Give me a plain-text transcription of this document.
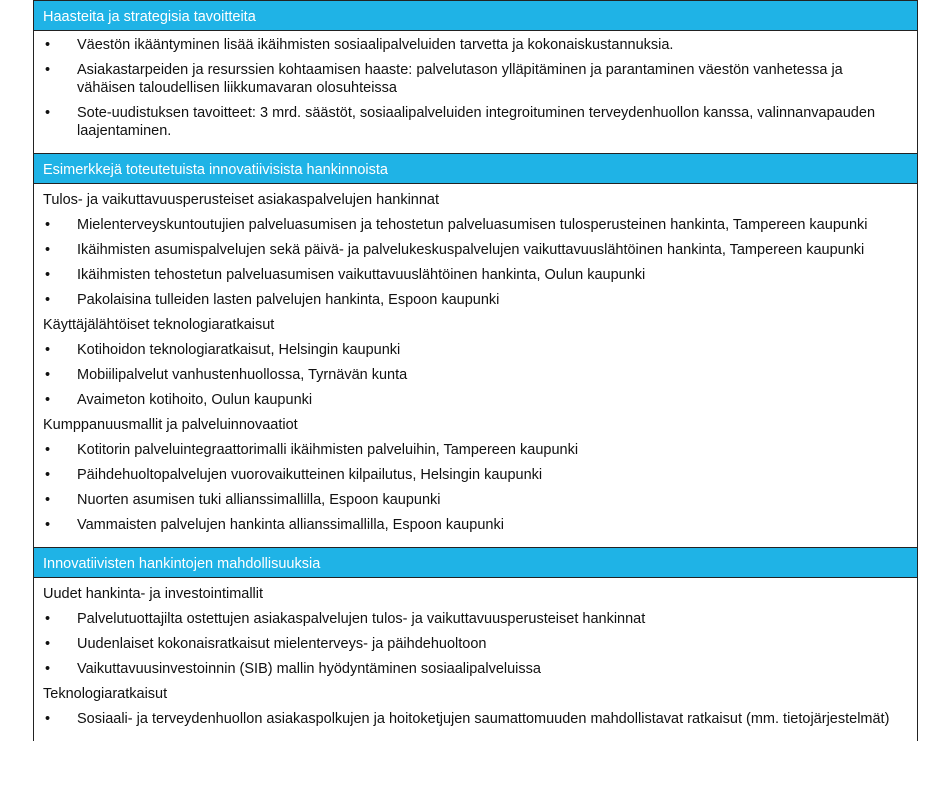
Haasteita ja strategisia tavoitteita
• Väestön ikääntyminen lisää ikäihmisten sosiaalipalveluiden tarvetta ja kokonaiskustannuksia.
• Asiakastarpeiden ja resurssien kohtaamisen haaste: palvelutason ylläpitäminen ja parantaminen väestön vanhetessa ja vähäisen taloudellisen liikkumavaran olosuhteissa
• Sote-uudistuksen tavoitteet: 3 mrd. säästöt, sosiaalipalveluiden integroituminen terveydenhuollon kanssa, valinnanvapauden laajentaminen.
Esimerkkejä toteutetuista innovatiivisista hankinnoista
Tulos- ja vaikuttavuusperusteiset asiakaspalvelujen hankinnat
• Mielenterveyskuntoutujien palveluasumisen ja tehostetun palveluasumisen tulosperusteinen hankinta, Tampereen kaupunki
• Ikäihmisten asumispalvelujen sekä päivä- ja palvelukeskuspalvelujen vaikuttavuuslähtöinen hankinta, Tampereen kaupunki
• Ikäihmisten tehostetun palveluasumisen vaikuttavuuslähtöinen hankinta, Oulun kaupunki
• Pakolaisina tulleiden lasten palvelujen hankinta, Espoon kaupunki
Käyttäjälähtöiset teknologiaratkaisut
• Kotihoidon teknologiaratkaisut, Helsingin kaupunki
• Mobiilipalvelut vanhustenhuollossa, Tyrnävän kunta
• Avaimeton kotihoito, Oulun kaupunki
Kumppanuusmallit ja palveluinnovaatiot
• Kotitorin palveluintegraattorimalli ikäihmisten palveluihin, Tampereen kaupunki
• Päihdehuoltopalvelujen vuorovaikutteinen kilpailutus, Helsingin kaupunki
• Nuorten asumisen tuki allianssimallilla, Espoon kaupunki
• Vammaisten palvelujen hankinta allianssimallilla, Espoon kaupunki
Innovatiivisten hankintojen mahdollisuuksia
Uudet hankinta- ja investointimallit
• Palvelutuottajilta ostettujen asiakaspalvelujen tulos- ja vaikuttavuusperusteiset hankinnat
• Uudenlaiset kokonaisratkaisut mielenterveys- ja päihdehuoltoon
• Vaikuttavuusinvestoinnin (SIB) mallin hyödyntäminen sosiaalipalveluissa
Teknologiaratkaisut
• Sosiaali- ja terveydenhuollon asiakaspolkujen ja hoitoketjujen saumattomuuden mahdollistavat ratkaisut (mm. tietojärjestelmät)
